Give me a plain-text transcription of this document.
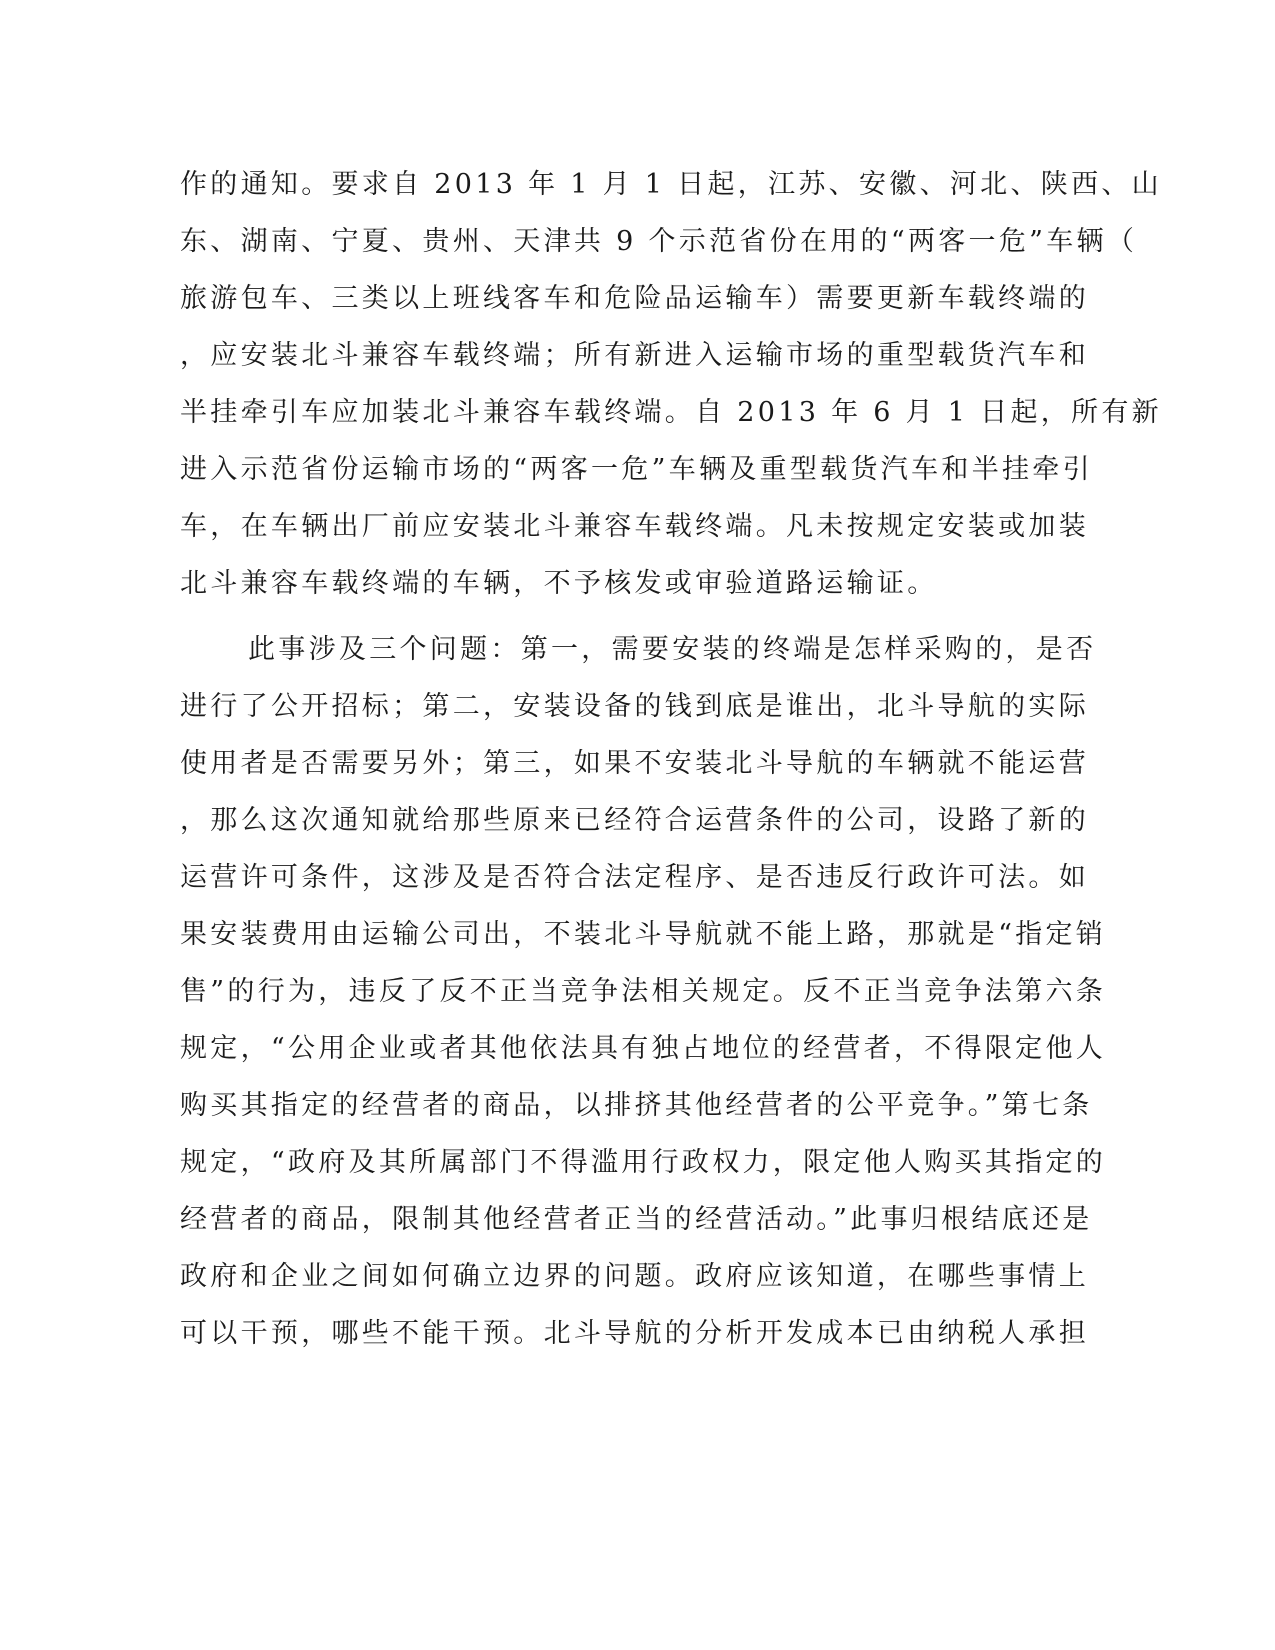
作的通知。要求自 2013 年 1 月 1 日起，江苏、安徽、河北、陕西、山
东、湖南、宁夏、贵州、天津共 9 个示范省份在用的“两客一危”车辆（
旅游包车、三类以上班线客车和危险品运输车）需要更新车载终端的
，应安装北斗兼容车载终端；所有新进入运输市场的重型载货汽车和
半挂牵引车应加装北斗兼容车载终端。自 2013 年 6 月 1 日起，所有新
进入示范省份运输市场的“两客一危”车辆及重型载货汽车和半挂牵引
车，在车辆出厂前应安装北斗兼容车载终端。凡未按规定安装或加装
北斗兼容车载终端的车辆，不予核发或审验道路运输证。
此事涉及三个问题：第一，需要安装的终端是怎样采购的，是否
进行了公开招标；第二，安装设备的钱到底是谁出，北斗导航的实际
使用者是否需要另外；第三，如果不安装北斗导航的车辆就不能运营
，那么这次通知就给那些原来已经符合运营条件的公司，设路了新的
运营许可条件，这涉及是否符合法定程序、是否违反行政许可法。如
果安装费用由运输公司出，不装北斗导航就不能上路，那就是“指定销
售”的行为，违反了反不正当竞争法相关规定。反不正当竞争法第六条
规定，“公用企业或者其他依法具有独占地位的经营者，不得限定他人
购买其指定的经营者的商品，以排挤其他经营者的公平竞争。”第七条
规定，“政府及其所属部门不得滥用行政权力，限定他人购买其指定的
经营者的商品，限制其他经营者正当的经营活动。”此事归根结底还是
政府和企业之间如何确立边界的问题。政府应该知道，在哪些事情上
可以干预，哪些不能干预。北斗导航的分析开发成本已由纳税人承担
